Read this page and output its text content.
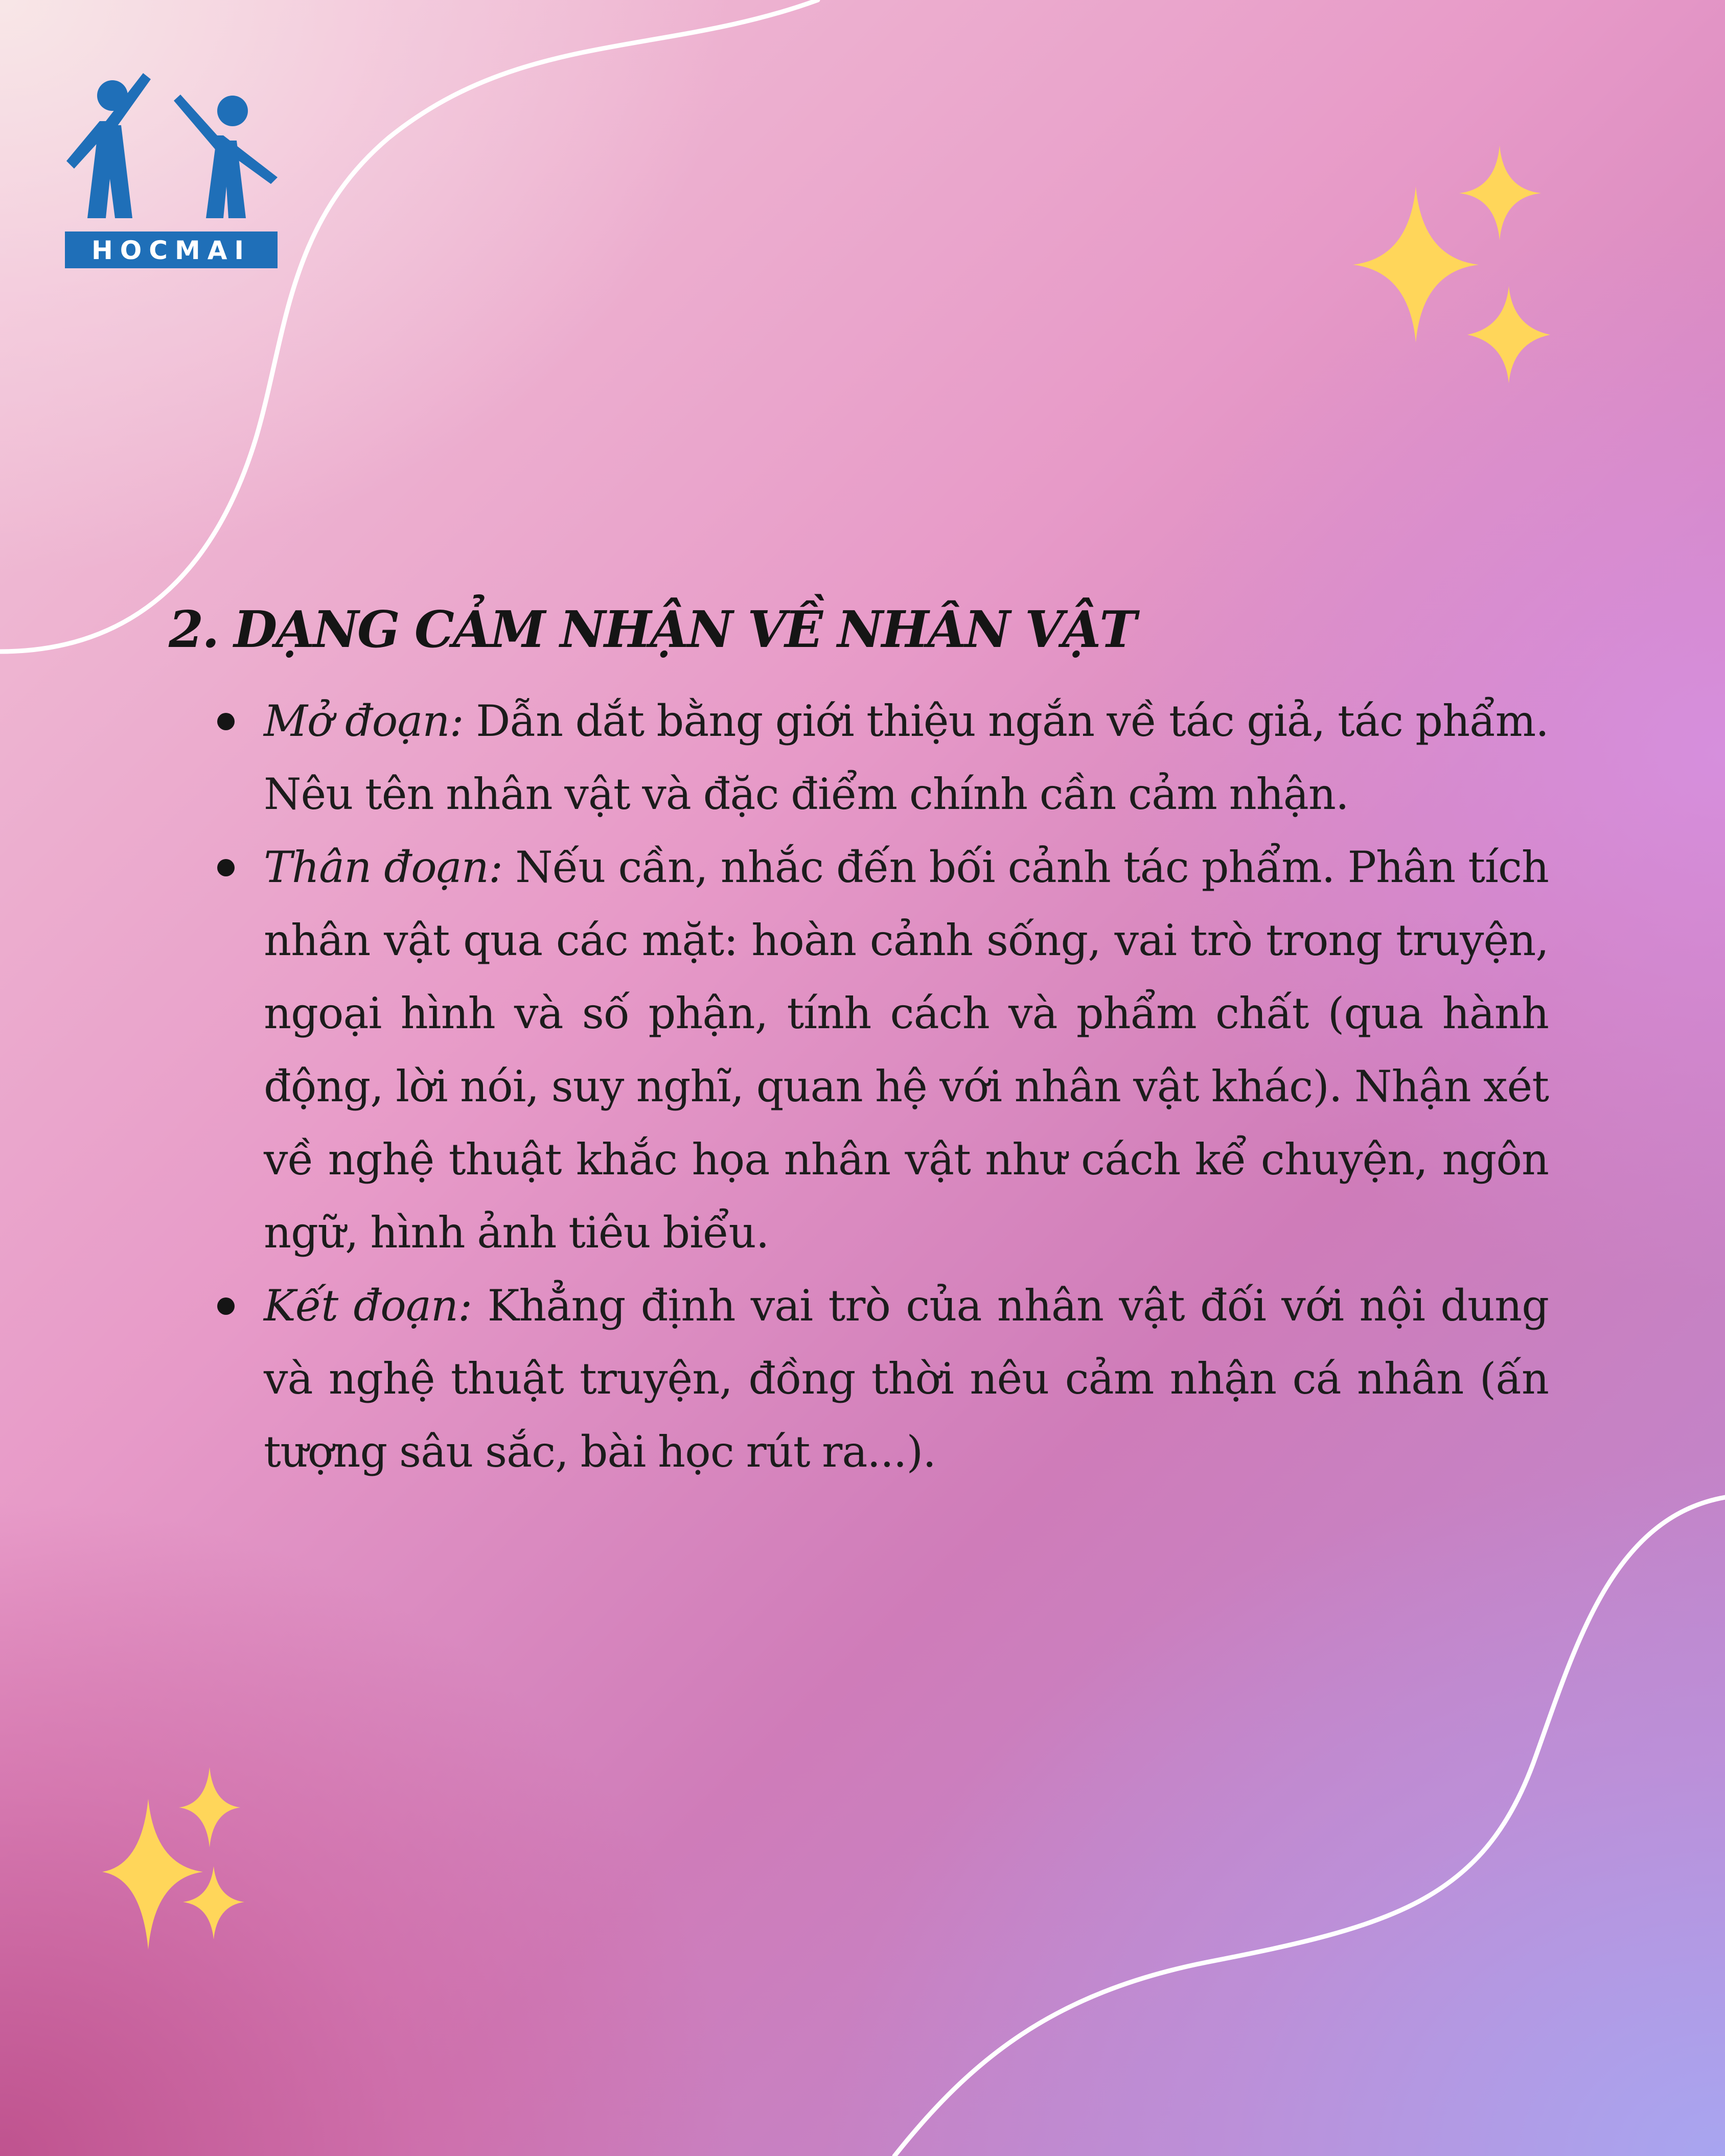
HOCMAI
2. DẠNG CẢM NHẬN VỀ NHÂN VẬT
Mở đoạn: Dẫn dắt bằng giới thiệu ngắn về tác giả, tác phẩm. Nêu tên nhân vật và đặc điểm chính cần cảm nhận.
Thân đoạn: Nếu cần, nhắc đến bối cảnh tác phẩm. Phân tích nhân vật qua các mặt: hoàn cảnh sống, vai trò trong truyện, ngoại hình và số phận, tính cách và phẩm chất (qua hành động, lời nói, suy nghĩ, quan hệ với nhân vật khác). Nhận xét về nghệ thuật khắc họa nhân vật như cách kể chuyện, ngôn ngữ, hình ảnh tiêu biểu.
Kết đoạn: Khẳng định vai trò của nhân vật đối với nội dung và nghệ thuật truyện, đồng thời nêu cảm nhận cá nhân (ấn tượng sâu sắc, bài học rút ra...).
